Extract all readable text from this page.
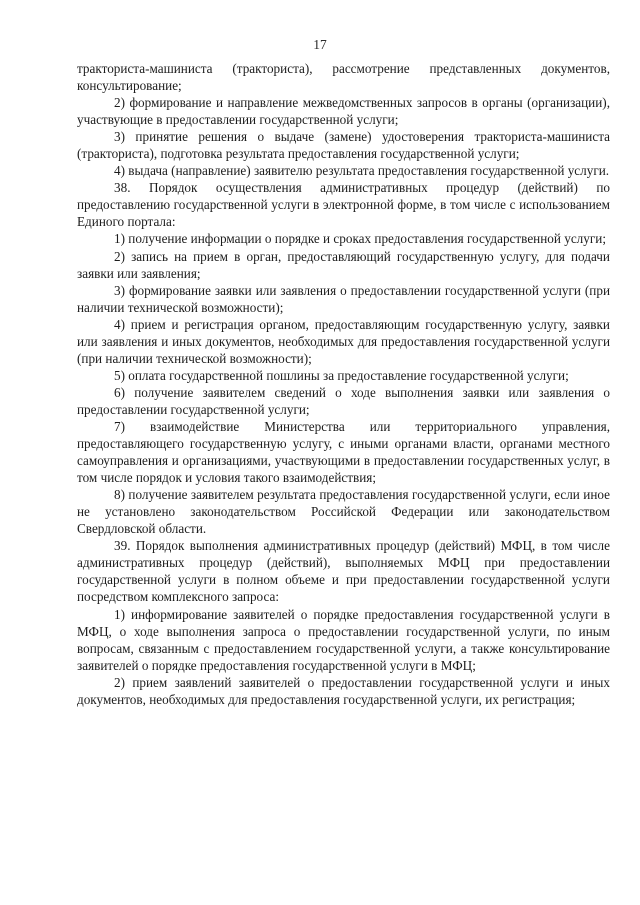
17

тракториста-машиниста (тракториста), рассмотрение представленных документов, консультирование;

2) формирование и направление межведомственных запросов в органы (организации), участвующие в предоставлении государственной услуги;

3) принятие решения о выдаче (замене) удостоверения тракториста-машиниста (тракториста), подготовка результата предоставления государственной услуги;

4) выдача (направление) заявителю результата предоставления государственной услуги.

38. Порядок осуществления административных процедур (действий) по предоставлению государственной услуги в электронной форме, в том числе с использованием Единого портала:

1) получение информации о порядке и сроках предоставления государственной услуги;

2) запись на прием в орган, предоставляющий государственную услугу, для подачи заявки или заявления;

3) формирование заявки или заявления о предоставлении государственной услуги (при наличии технической возможности);

4) прием и регистрация органом, предоставляющим государственную услугу, заявки или заявления и иных документов, необходимых для предоставления государственной услуги (при наличии технической возможности);

5) оплата государственной пошлины за предоставление государственной услуги;

6) получение заявителем сведений о ходе выполнения заявки или заявления о предоставлении государственной услуги;

7) взаимодействие Министерства или территориального управления, предоставляющего государственную услугу, с иными органами власти, органами местного самоуправления и организациями, участвующими в предоставлении государственных услуг, в том числе порядок и условия такого взаимодействия;

8) получение заявителем результата предоставления государственной услуги, если иное не установлено законодательством Российской Федерации или законодательством Свердловской области.

39. Порядок выполнения административных процедур (действий) МФЦ, в том числе административных процедур (действий), выполняемых МФЦ при предоставлении государственной услуги в полном объеме и при предоставлении государственной услуги посредством комплексного запроса:

1) информирование заявителей о порядке предоставления государственной услуги в МФЦ, о ходе выполнения запроса о предоставлении государственной услуги, по иным вопросам, связанным с предоставлением государственной услуги, а также консультирование заявителей о порядке предоставления государственной услуги в МФЦ;

2) прием заявлений заявителей о предоставлении государственной услуги и иных документов, необходимых для предоставления государственной услуги, их регистрация;
